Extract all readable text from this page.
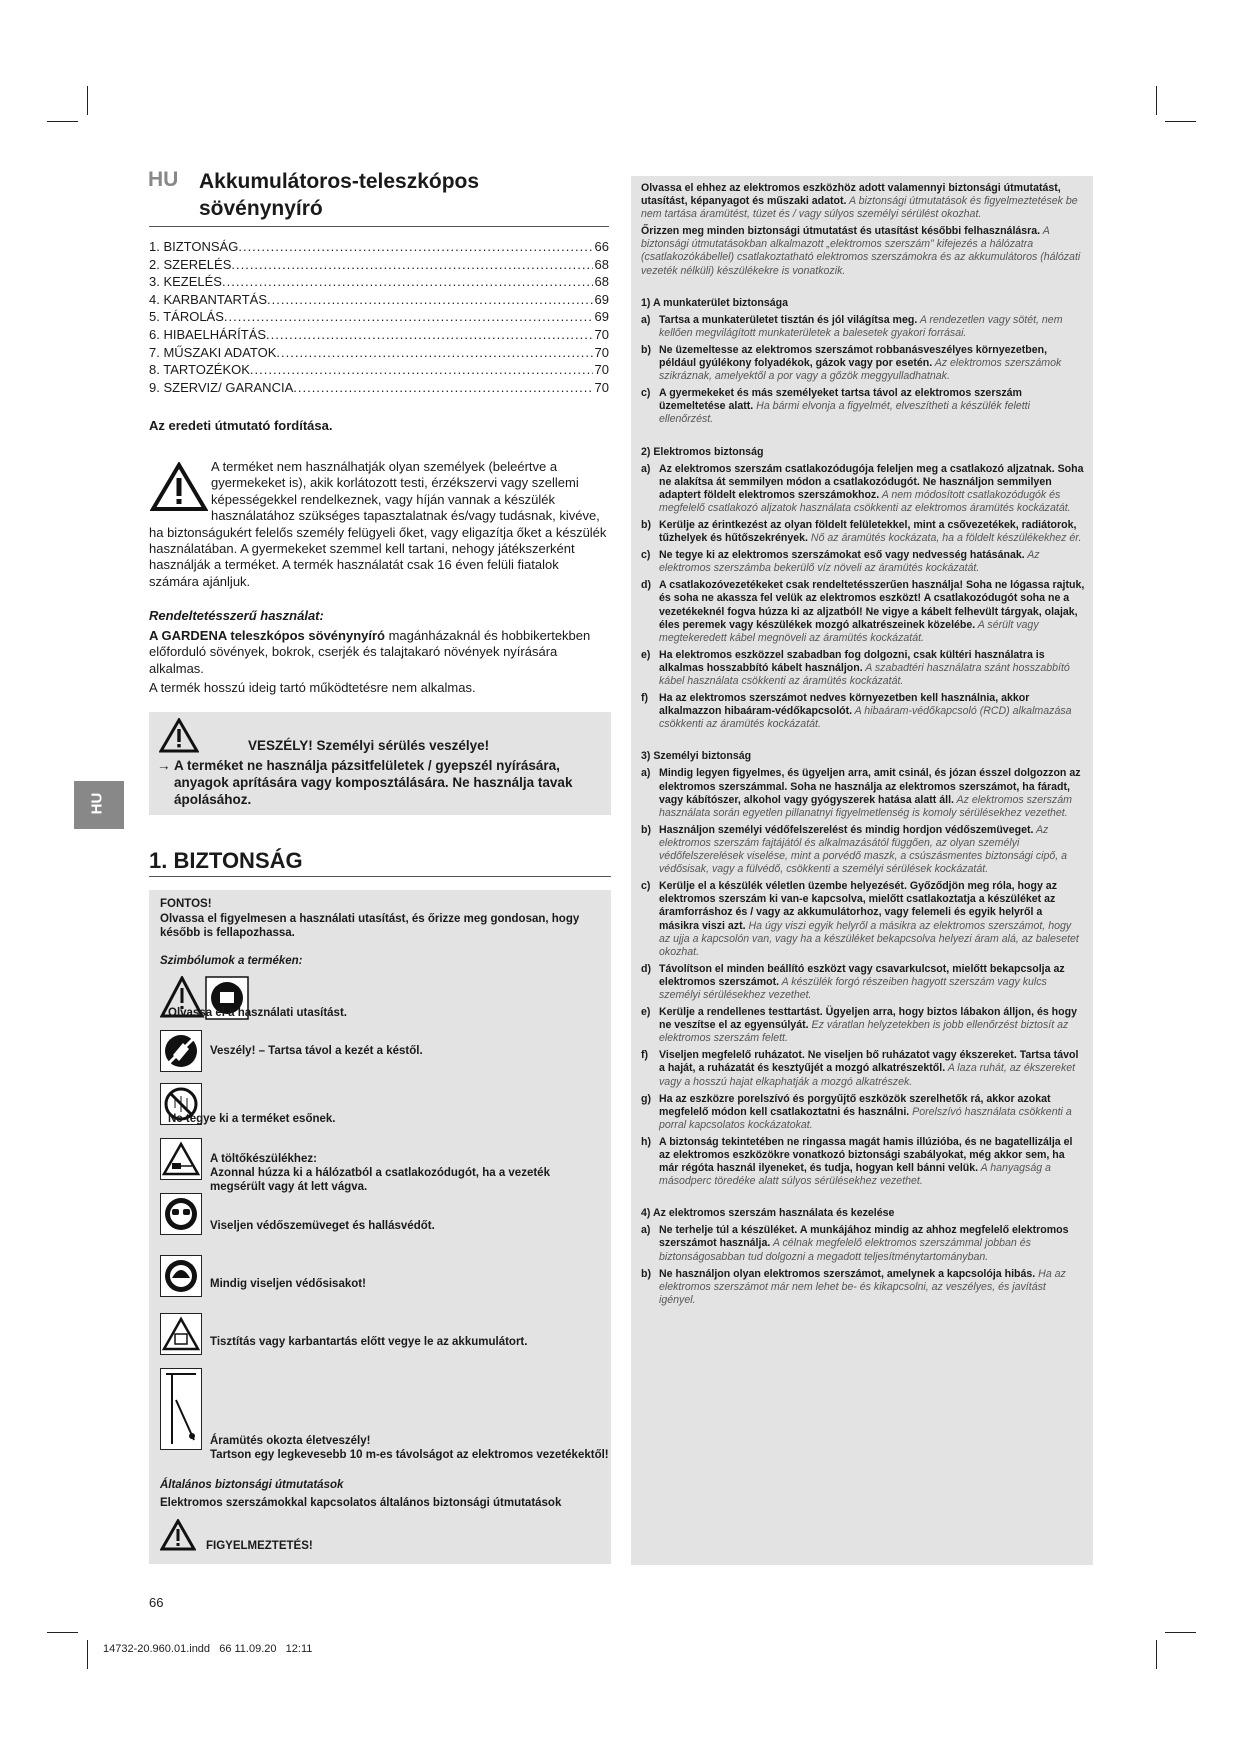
HU Akkumulátoros-teleszkópos
sövénynyíró
1. BIZTONSÁG .....	66
2. SZERELÉS .....	68
3. KEZELÉS .....	68
4. KARBANTARTÁS .....	69
5. TÁROLÁS .....	69
6. HIBAELHÁRÍTÁS .....	70
7. MŰSZAKI ADATOK .....	70
8. TARTOZÉKOK .....	70
9. SZERVIZ/ GARANCIA .....	70
Az eredeti útmutató fordítása.
A terméket nem használhatják olyan személyek (beleértve a gyermekeket is), akik korlátozott testi, érzékszervi vagy szellemi képességekkel rendelkeznek, vagy híján vannak a készülék használatához szükséges tapasztalatnak és/vagy tudásnak, kivéve, ha biztonságukért felelős személy felügyeli őket, vagy eligazítja őket a készülék használatában. A gyermekeket szemmel kell tartani, nehogy játékszerként használják a terméket. A termék használatát csak 16 éven felüli fiatalok számára ajánljuk.
Rendeltetésszerű használat:
A GARDENA teleszkópos sövénynyíró magánházaknál és hobbikertekben előforduló sövények, bokrok, cserjék és talajtakaró növények nyírására alkalmas.
A termék hosszú ideig tartó működtetésre nem alkalmas.
VESZÉLY! Személyi sérülés veszélye!
→ A terméket ne használja pázsitfelületek / gyepszél nyírására, anyagok aprítására vagy komposztálására. Ne használja tavak ápolásához.
HU
1. BIZTONSÁG
FONTOS!
Olvassa el figyelmesen a használati utasítást, és őrizze meg gondosan, hogy később is fellapozhassa.
Szimbólumok a terméken:
Olvassa el a használati utasítást.
Veszély! – Tartsa távol a kezét a késtől.
Ne tegye ki a terméket esőnek.

A töltőkészülékhez:
Azonnal húzza ki a hálózatból a csatlakozódugót, ha a vezeték megsérült vagy át lett vágva.

Viseljen védőszemüveget és hallásvédőt.
Mindig viseljen védősisakot!
Tisztítás vagy karbantartás előtt vegye le az akkumulátort.

Áramütés okozta életveszély!
Tartson egy legkevesebb 10 m-es távolságot az elektromos vezetékektől!

Általános biztonsági útmutatások
Elektromos szerszámokkal kapcsolatos általános biztonsági útmutatások
FIGYELMEZTETÉS!
Olvassa el ehhez az elektromos eszközhöz adott valamennyi biztonsági útmutatást, utasítást, képanyagot és műszaki adatot. A biztonsági útmutatások és figyelmeztetések be nem tartása áramütést, tüzet és / vagy súlyos személyi sérülést okozhat.
Őrizzen meg minden biztonsági útmutatást és utasítást későbbi felhasználásra. A biztonsági útmutatásokban alkalmazott „elektromos szerszám” kifejezés a hálózatra (csatlakozókábellel) csatlakoztatható elektromos szerszámokra és az akkumulátoros (hálózati vezeték nélküli) készülékekre is vonatkozik.
1) A munkaterület biztonsága
a) Tartsa a munkaterületet tisztán és jól világítsa meg. A rendezetlen vagy sötét, nem kellően megvilágított munkaterületek a balesetek gyakori forrásai.
b) Ne üzemeltesse az elektromos szerszámot robbanásveszélyes környezetben, például gyúlékony folyadékok, gázok vagy por esetén. Az elektromos szerszámok szikráznak, amelyektől a por vagy a gőzök meggyulladhatnak.
c) A gyermekeket és más személyeket tartsa távol az elektromos szerszám üzemeltetése alatt. Ha bármi elvonja a figyelmét, elveszítheti a készülék feletti ellenőrzést.
2) Elektromos biztonság
a) Az elektromos szerszám csatlakozódugója feleljen meg a csatlakozó aljzatnak. Soha ne alakítsa át semmilyen módon a csatlakozódugót. Ne használjon semmilyen adaptert földelt elektromos szerszámokhoz. A nem módosított csatlakozódugók és megfelelő csatlakozó aljzatok használata csökkenti az elektromos áramütés kockázatát.
b) Kerülje az érintkezést az olyan földelt felületekkel, mint a csővezetékek, radiátorok, tűzhelyek és hűtőszekrények. Nő az áramütés kockázata, ha a földelt készülékekhez ér.
c) Ne tegye ki az elektromos szerszámokat eső vagy nedvesség hatásának. Az elektromos szerszámba bekerülő víz növeli az áramütés kockázatát.
d) A csatlakozóvezetékeket csak rendeltetésszerűen használja! Soha ne lógassa rajtuk, és soha ne akassza fel velük az elektromos eszközt! A csatlakozódugót soha ne a vezetékeknél fogva húzza ki az aljzatból! Ne vigye a kábelt felhevült tárgyak, olajak, éles peremek vagy készülékek mozgó alkatrészeinek közelébe. A sérült vagy megtekeredett kábel megnöveli az áramütés kockázatát.
e) Ha elektromos eszközzel szabadban fog dolgozni, csak kültéri használatra is alkalmas hosszabbító kábelt használjon. A szabadtéri használatra szánt hosszabbító kábel használata csökkenti az áramütés kockázatát.
f)	Ha az elektromos szerszámot nedves környezetben kell használnia, akkor alkalmazzon hibaáram-védőkapcsolót. A hibaáram-védőkapcsoló (RCD) alkalmazása csökkenti az áramütés kockázatát.
3) Személyi biztonság
a) Mindig legyen figyelmes, és ügyeljen arra, amit csinál, és józan ésszel dolgozzon az elektromos szerszámmal. Soha ne használja az elektromos szerszámot, ha fáradt, vagy kábítószer, alkohol vagy gyógyszerek hatása alatt áll. Az elektromos szerszám használata során egyetlen pillanatnyi figyelmetlenség is komoly sérülésekhez vezethet.
b) Használjon személyi védőfelszerelést és mindig hordjon védőszemüveget. Az elektromos szerszám fajtájától és alkalmazásától függően, az olyan személyi védőfelszerelések viselése, mint a porvédő maszk, a csúszásmentes biztonsági cipő, a védősisak, vagy a fülvédő, csökkenti a személyi sérülések kockázatát.
c) Kerülje el a készülék véletlen üzembe helyezését. Győződjön meg róla, hogy az elektromos szerszám ki van-e kapcsolva, mielőtt csatlakoztatja a készüléket az áramforráshoz és / vagy az akkumulátorhoz, vagy felemeli és egyik helyről a másikra viszi azt. Ha úgy viszi egyik helyről a másikra az elektromos szerszámot, hogy az ujja a kapcsolón van, vagy ha a készüléket bekapcsolva helyezi áram alá, az balesetet okozhat.
d) Távolítson el minden beállító eszközt vagy csavarkulcsot, mielőtt bekapcsolja az elektromos szerszámot. A készülék forgó részeiben hagyott szerszám vagy kulcs személyi sérülésekhez vezethet.
e) Kerülje a rendellenes testtartást. Ügyeljen arra, hogy biztos lábakon álljon, és hogy ne veszítse el az egyensúlyát. Ez váratlan helyzetekben is jobb ellenőrzést biztosít az elektromos szerszám felett.
f)	Viseljen megfelelő ruházatot. Ne viseljen bő ruházatot vagy ékszereket. Tartsa távol a haját, a ruházatát és kesztyűjét a mozgó alkatrészektől. A laza ruhát, az ékszereket vagy a hosszú hajat elkaphatják a mozgó alkatrészek.
g) Ha az eszközre porelszívó és porgyűjtő eszközök szerelhetők rá, akkor azokat megfelelő módon kell csatlakoztatni és használni. Porelszívó használata csökkenti a porral kapcsolatos kockázatokat.
h) A biztonság tekintetében ne ringassa magát hamis illúzióba, és ne bagatellizálja el az elektromos eszközökre vonatkozó biztonsági szabályokat, még akkor sem, ha már régóta használ ilyeneket, és tudja, hogyan kell bánni velük. A hanyagság a másodperc töredéke alatt súlyos sérülésekhez vezethet.
4) Az elektromos szerszám használata és kezelése
a) Ne terhelje túl a készüléket. A munkájához mindig az ahhoz megfelelő elektromos szerszámot használja. A célnak megfelelő elektromos szerszámmal jobban és biztonságosabban tud dolgozni a megadott teljesítménytartományban.
b) Ne használjon olyan elektromos szerszámot, amelynek a kapcsolója hibás. Ha az elektromos szerszámot már nem lehet be- és kikapcsolni, az veszélyes, és javítást igényel.
66
14732-20.960.01.indd   66 11.09.20   12:11
